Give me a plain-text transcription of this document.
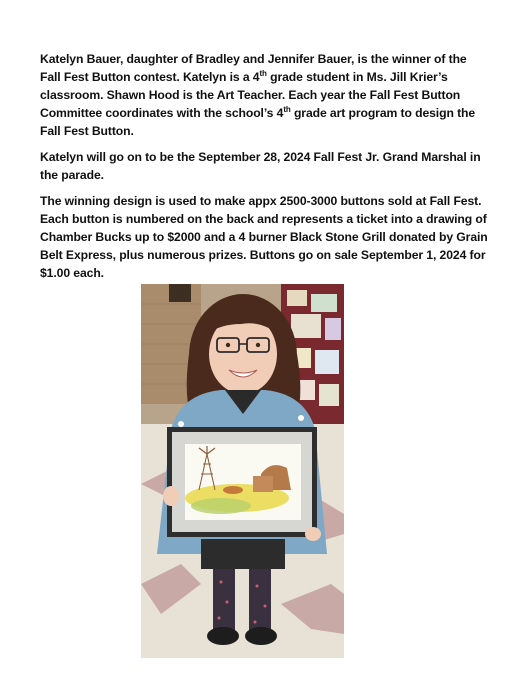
Katelyn Bauer, daughter of Bradley and Jennifer Bauer, is the winner of the Fall Fest Button contest. Katelyn is a 4th grade student in Ms. Jill Krier’s classroom. Shawn Hood is the Art Teacher. Each year the Fall Fest Button Committee coordinates with the school’s 4th grade art program to design the Fall Fest Button.

Katelyn will go on to be the September 28, 2024 Fall Fest Jr. Grand Marshal in the parade.

The winning design is used to make appx 2500-3000 buttons sold at Fall Fest. Each button is numbered on the back and represents a ticket into a drawing of Chamber Bucks up to $2000 and a 4 burner Black Stone Grill donated by Grain Belt Express, plus numerous prizes. Buttons go on sale September 1, 2024 for $1.00 each.
